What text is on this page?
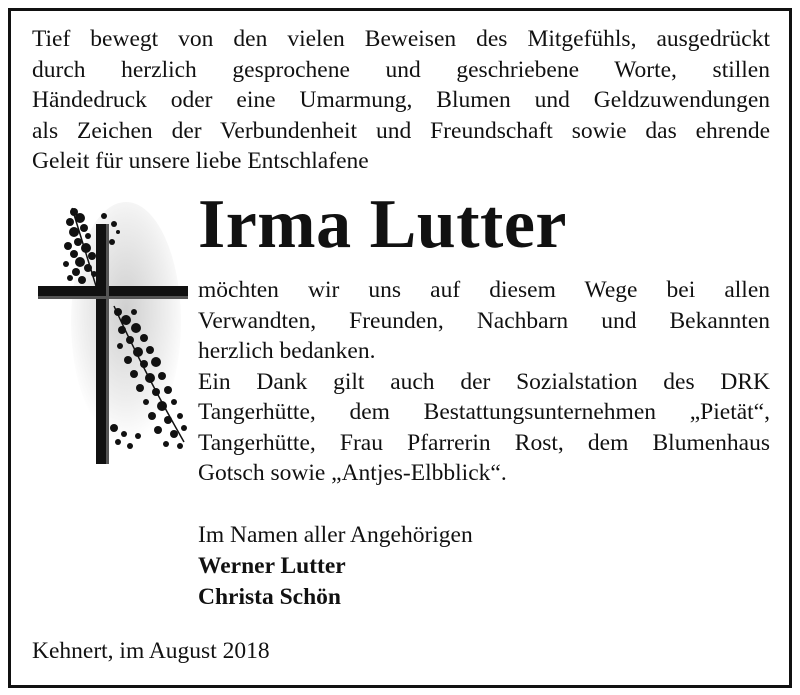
Tief bewegt von den vielen Beweisen des Mitgefühls, ausgedrückt
durch herzlich gesprochene und geschriebene Worte, stillen
Händedruck oder eine Umarmung, Blumen und Geldzuwendungen
als Zeichen der Verbundenheit und Freundschaft sowie das ehrende
Geleit für unsere liebe Entschlafene
Irma Lutter
möchten wir uns auf diesem Wege bei allen
Verwandten, Freunden, Nachbarn und Bekannten
herzlich bedanken.
Ein Dank gilt auch der Sozialstation des DRK
Tangerhütte, dem Bestattungsunternehmen „Pietät“,
Tangerhütte, Frau Pfarrerin Rost, dem Blumenhaus
Gotsch sowie „Antjes-Elbblick“.
Im Namen aller Angehörigen
Werner Lutter
Christa Schön
Kehnert, im August 2018
